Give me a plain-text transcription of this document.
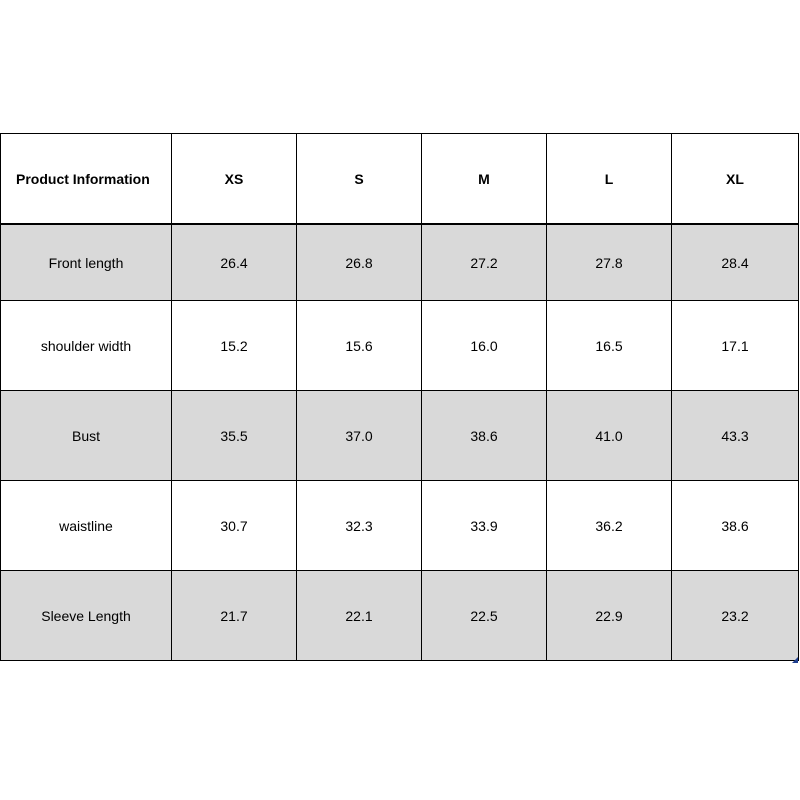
Product Information	XS	S	M	L	XL
Front length	26.4	26.8	27.2	27.8	28.4
shoulder width	15.2	15.6	16.0	16.5	17.1
Bust	35.5	37.0	38.6	41.0	43.3
waistline	30.7	32.3	33.9	36.2	38.6
Sleeve Length	21.7	22.1	22.5	22.9	23.2
